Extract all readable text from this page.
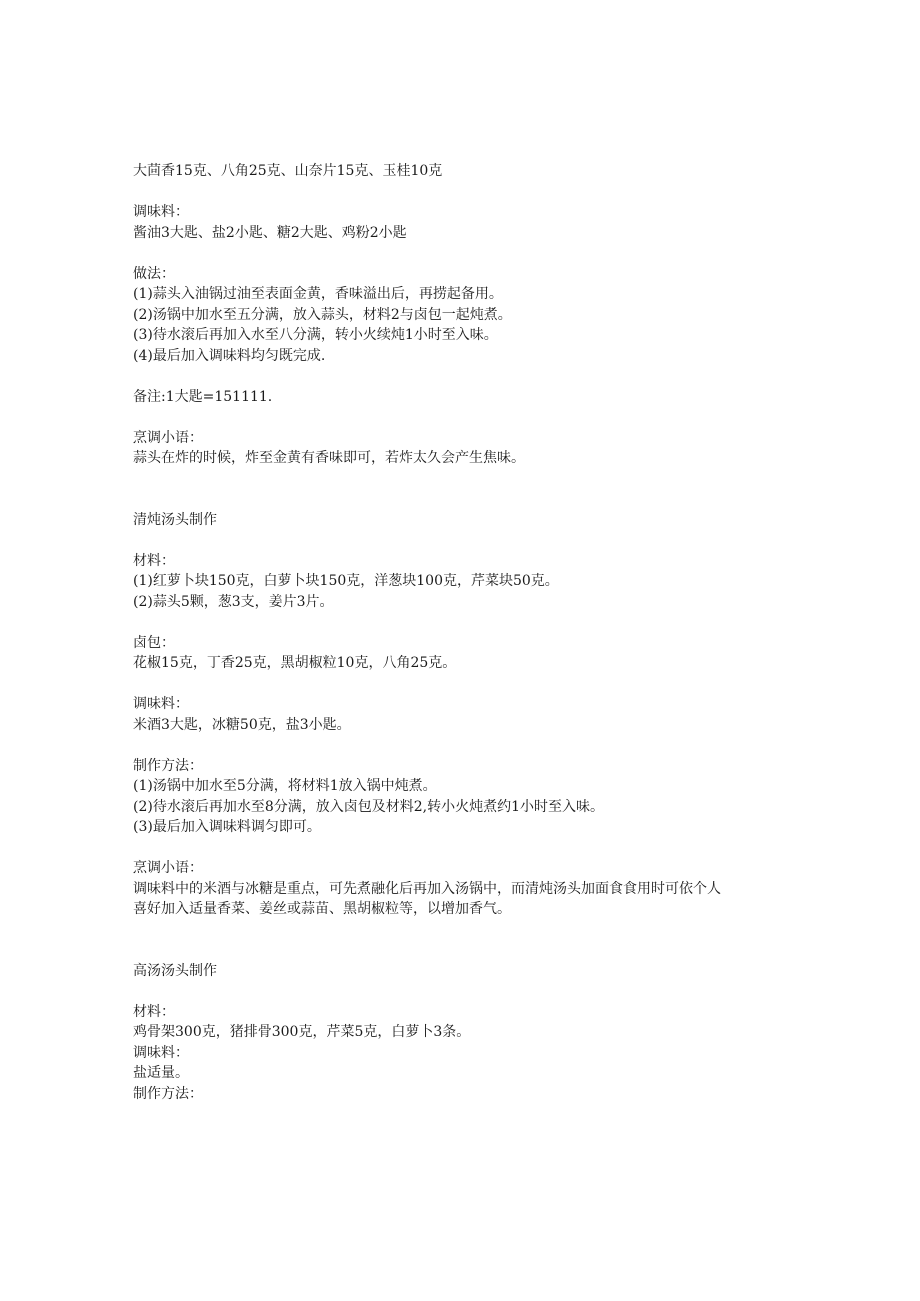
大茴香15克、八角25克、山奈片15克、玉桂10克
调味料：
酱油3大匙、盐2小匙、糖2大匙、鸡粉2小匙
做法：
(1)蒜头入油锅过油至表面金黄，香味溢出后，再捞起备用。
(2)汤锅中加水至五分满，放入蒜头，材料2与卤包一起炖煮。
(3)待水滚后再加入水至八分满，转小火续炖1小时至入味。
(4)最后加入调味料均匀既完成.
备注:1大匙=151111.
烹调小语：
蒜头在炸的时候，炸至金黄有香味即可，若炸太久会产生焦味。
清炖汤头制作
材料：
(1)红萝卜块150克，白萝卜块150克，洋葱块100克，芹菜块50克。
(2)蒜头5颗，葱3支，姜片3片。
卤包：
花椒15克，丁香25克，黑胡椒粒10克，八角25克。
调味料：
米酒3大匙，冰糖50克，盐3小匙。
制作方法：
(1)汤锅中加水至5分满，将材料1放入锅中炖煮。
(2)待水滚后再加水至8分满，放入卤包及材料2,转小火炖煮约1小时至入味。
(3)最后加入调味料调匀即可。
烹调小语：
调味料中的米酒与冰糖是重点，可先煮融化后再加入汤锅中，而清炖汤头加面食食用时可依个人
喜好加入适量香菜、姜丝或蒜苗、黑胡椒粒等，以增加香气。
高汤汤头制作
材料：
鸡骨架300克，猪排骨300克，芹菜5克，白萝卜3条。
调味料：
盐适量。
制作方法：
